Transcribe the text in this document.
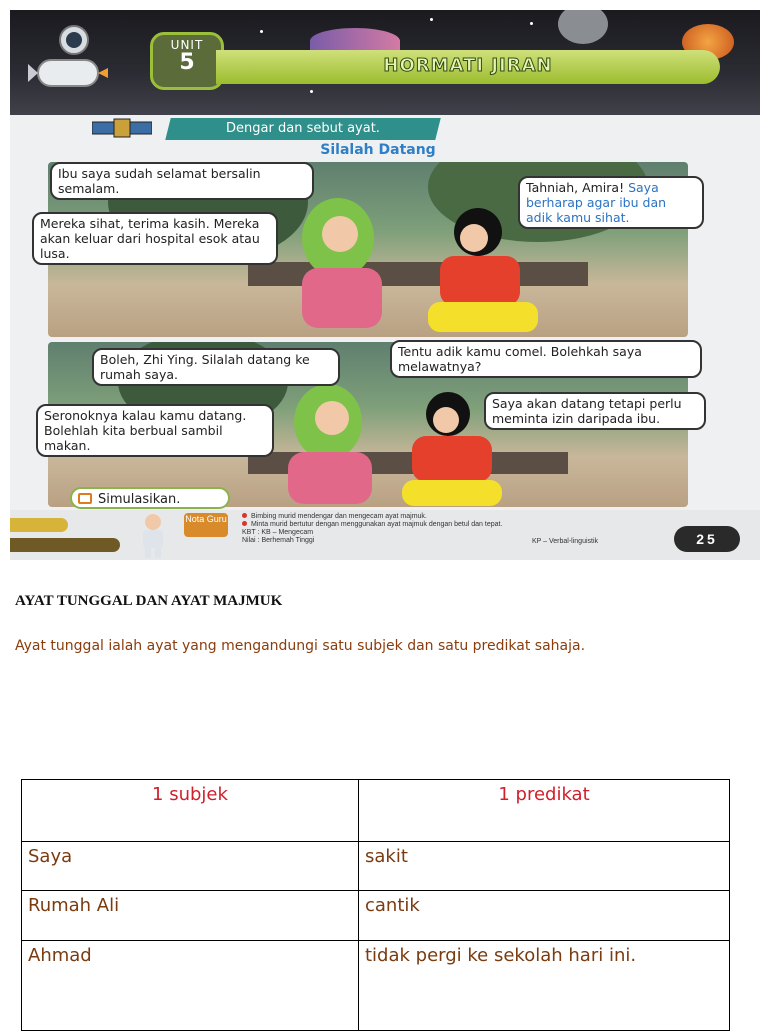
UNIT
5	HORMATI JIRAN
Dengar dan sebut ayat.
Silalah Datang
Ibu saya sudah selamat bersalin semalam.	Tahniah, Amira! Saya berharap agar ibu dan adik kamu sihat.
Mereka sihat, terima kasih. Mereka akan keluar dari hospital esok atau lusa.
Tentu adik kamu comel. Bolehkah saya melawatnya?
Boleh, Zhi Ying. Silalah datang ke rumah saya.
Saya akan datang tetapi perlu meminta izin daripada ibu.
Seronoknya kalau kamu datang. Bolehlah kita berbual sambil makan.
Simulasikan.
Nota Guru	Bimbing murid mendengar dan mengecam ayat majmuk.
Minta murid bertutur dengan menggunakan ayat majmuk dengan betul dan tepat.
KBT : KB – Mengecam
Nilai : Berhemah Tinggi	KP – Verbal-linguistik	25
AYAT TUNGGAL DAN AYAT MAJMUK
Ayat tunggal ialah ayat yang mengandungi satu subjek dan satu predikat sahaja.
1 subjek	1 predikat
Saya	sakit
Rumah Ali	cantik
Ahmad	tidak pergi ke sekolah hari ini.
